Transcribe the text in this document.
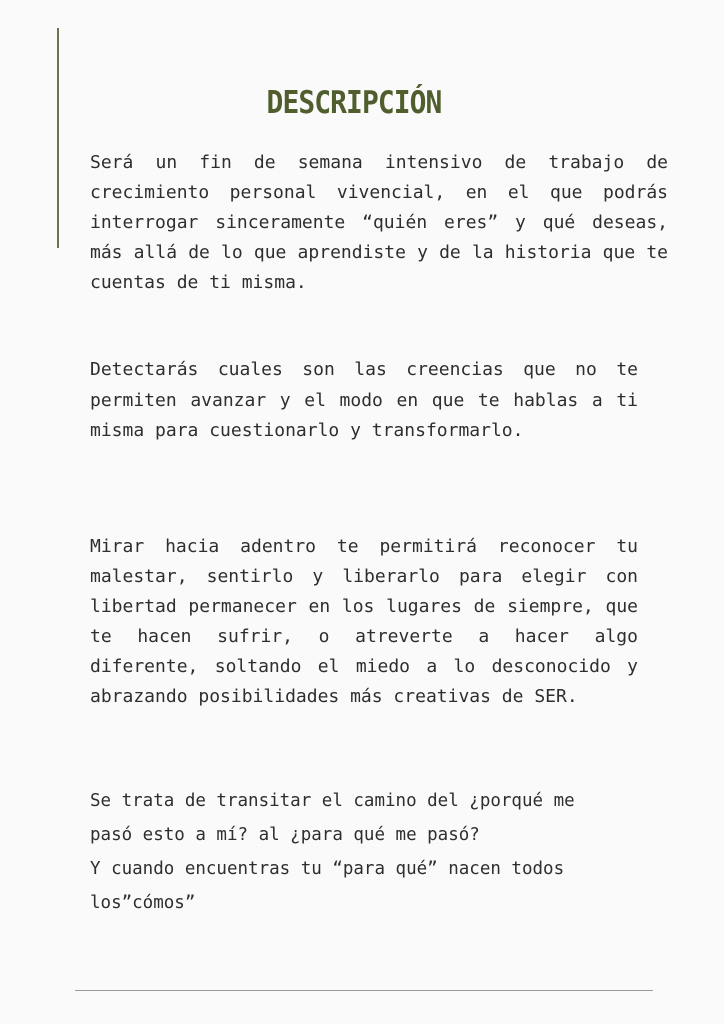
DESCRIPCIÓN

Será un fin de semana intensivo de trabajo de crecimiento personal vivencial, en el que podrás interrogar sinceramente “quién eres” y qué deseas, más allá de lo que aprendiste y de la historia que te cuentas de ti misma.

Detectarás cuales son las creencias que no te permiten avanzar y el modo en que te hablas a ti misma para cuestionarlo y transformarlo.

Mirar hacia adentro te permitirá reconocer tu malestar, sentirlo y liberarlo para elegir con libertad permanecer en los lugares de siempre, que te hacen sufrir, o atreverte a hacer algo diferente, soltando el miedo a lo desconocido y abrazando posibilidades más creativas de SER.

Se trata de transitar el camino del ¿porqué me
pasó esto a mí? al ¿para qué me pasó?
Y cuando encuentras tu “para qué” nacen todos
los”cómos”
